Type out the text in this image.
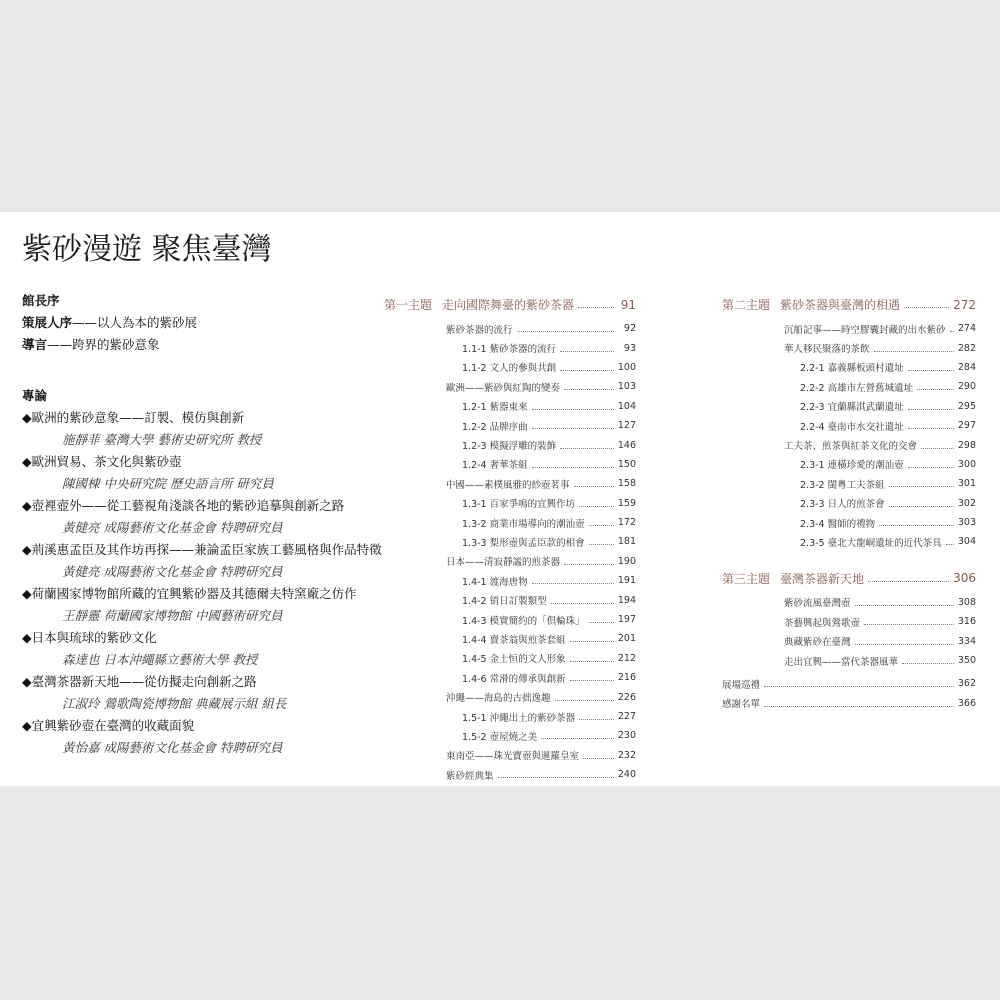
紫砂漫遊 聚焦臺灣
館長序
策展人序——以人為本的紫砂展
導言——跨界的紫砂意象
專論
◆歐洲的紫砂意象——訂製、模仿與創新
施靜菲 臺灣大學 藝術史研究所 教授
◆歐洲貿易、茶文化與紫砂壺
陳國棟 中央研究院 歷史語言所 研究員
◆壺裡壺外——從工藝視角淺談各地的紫砂追摹與創新之路
黃健亮 成陽藝術文化基金會 特聘研究員
◆荊溪惠孟臣及其作坊再探——兼論孟臣家族工藝風格與作品特徵
黃健亮 成陽藝術文化基金會 特聘研究員
◆荷蘭國家博物館所藏的宜興紫砂器及其德爾夫特窯廠之仿作
王靜靈 荷蘭國家博物館 中國藝術研究員
◆日本與琉球的紫砂文化
森達也 日本沖繩縣立藝術大學 教授
◆臺灣茶器新天地——從仿擬走向創新之路
江淑玲 鶯歌陶瓷博物館 典藏展示組 組長
◆宜興紫砂壺在臺灣的收藏面貌
黃怡嘉 成陽藝術文化基金會 特聘研究員
第一主題 走向國際舞臺的紫砂茶器	91
紫砂茶器的流行	92
1.1-1 紫砂茶器的流行	93
1.1-2 文人的參與共創	100
歐洲——紫砂與紅陶的變奏	103
1.2-1 紫器東來	104
1.2-2 品牌序曲	127
1.2-3 模擬浮雕的裝飾	146
1.2-4 奢華茶組	150
中國——素樸風雅的紗壺茗事	158
1.3-1 百家爭鳴的宜興作坊	159
1.3-2 商業市場導向的潮汕壺	172
1.3-3 梨形壺與孟臣款的相會	181
日本——清寂靜謐的煎茶器	190
1.4-1 渡海唐物	191
1.4-2 销日訂製類型	194
1.4-3 模實簡約的「倶輪珠」	197
1.4-4 賣茶翁與煎茶套組	201
1.4-5 金士恒的文人形象	212
1.4-6 常滑的傳承與創新	216
沖繩——海島的古拙逸趣	226
1.5-1 沖繩出土的紫砂茶器	227
1.5-2 壺屋燒之美	230
東南亞——珠光寶壺與暹羅皇室	232
紫砂經典集	240
第二主題 紫砂茶器與臺灣的相遇	272
沉船記事——時空膠囊封藏的出水紫砂 274
華人移民聚落的茶飲	282
2.2-1 嘉義縣板頭村遺址	284
2.2-2 高雄市左營舊城遺址	290
2.2-3 宜蘭縣淇武蘭遺址	295
2.2-4 臺南市水交社遺址	297
工夫茶、煎茶與紅茶文化的交會	298
2.3-1 連橫珍愛的潮汕壺	300
2.3-2 閩粵工夫茶組	301
2.3-3 日人的煎茶會	302
2.3-4 醫師的禮物	303
2.3-5 臺北大龍峒遺址的近代茶具 304
第三主題 臺灣茶器新天地	306
紫砂流風臺灣壺	308
茶藝興起與鶯歌壺	316
典藏紫砂在臺灣	334
走出宜興——當代茶器風華	350
展場巡禮	362
感謝名單	366
